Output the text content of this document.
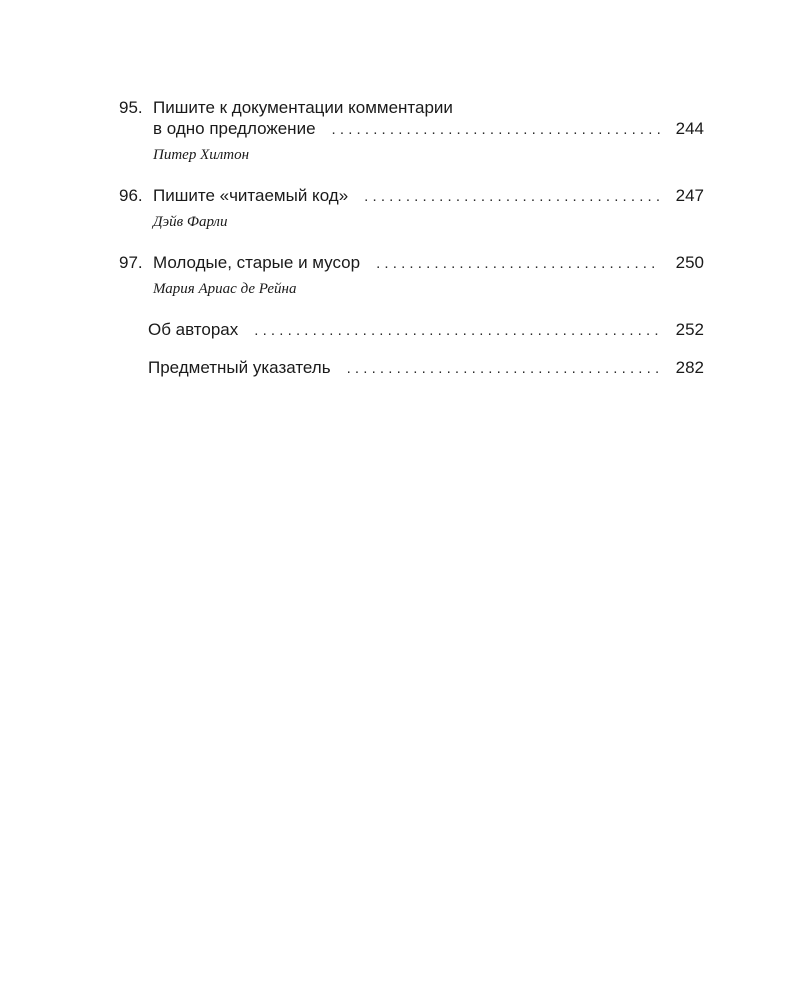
95. Пишите к документации комментарии
в одно предложение . . .	244
Питер Хилтон
96. Пишите «читаемый код» . . .	247
Дэйв Фарли
97. Молодые, старые и мусор . . .	250
Мария Ариас де Рейна
Об авторах . . .	252
Предметный указатель . . .	282
